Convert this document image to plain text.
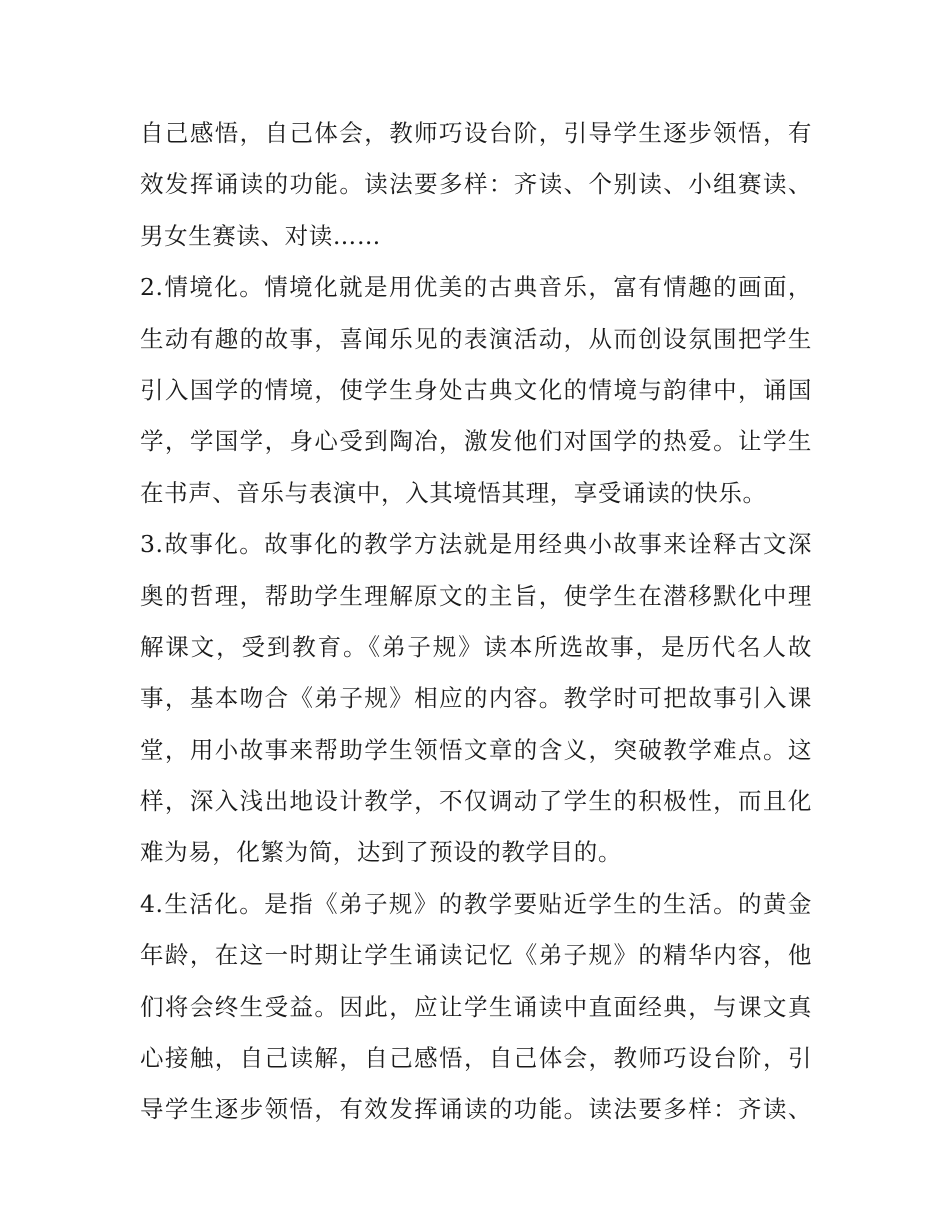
自己感悟，自己体会，教师巧设台阶，引导学生逐步领悟，有
效发挥诵读的功能。读法要多样：齐读、个别读、小组赛读、
男女生赛读、对读……
2.情境化。情境化就是用优美的古典音乐，富有情趣的画面，
生动有趣的故事，喜闻乐见的表演活动，从而创设氛围把学生
引入国学的情境，使学生身处古典文化的情境与韵律中，诵国
学，学国学，身心受到陶冶，激发他们对国学的热爱。让学生
在书声、音乐与表演中，入其境悟其理，享受诵读的快乐。
3.故事化。故事化的教学方法就是用经典小故事来诠释古文深
奥的哲理，帮助学生理解原文的主旨，使学生在潜移默化中理
解课文，受到教育。《弟子规》读本所选故事，是历代名人故
事，基本吻合《弟子规》相应的内容。教学时可把故事引入课
堂，用小故事来帮助学生领悟文章的含义，突破教学难点。这
样，深入浅出地设计教学，不仅调动了学生的积极性，而且化
难为易，化繁为简，达到了预设的教学目的。
4.生活化。是指《弟子规》的教学要贴近学生的生活。的黄金
年龄，在这一时期让学生诵读记忆《弟子规》的精华内容，他
们将会终生受益。因此，应让学生诵读中直面经典，与课文真
心接触，自己读解，自己感悟，自己体会，教师巧设台阶，引
导学生逐步领悟，有效发挥诵读的功能。读法要多样：齐读、
